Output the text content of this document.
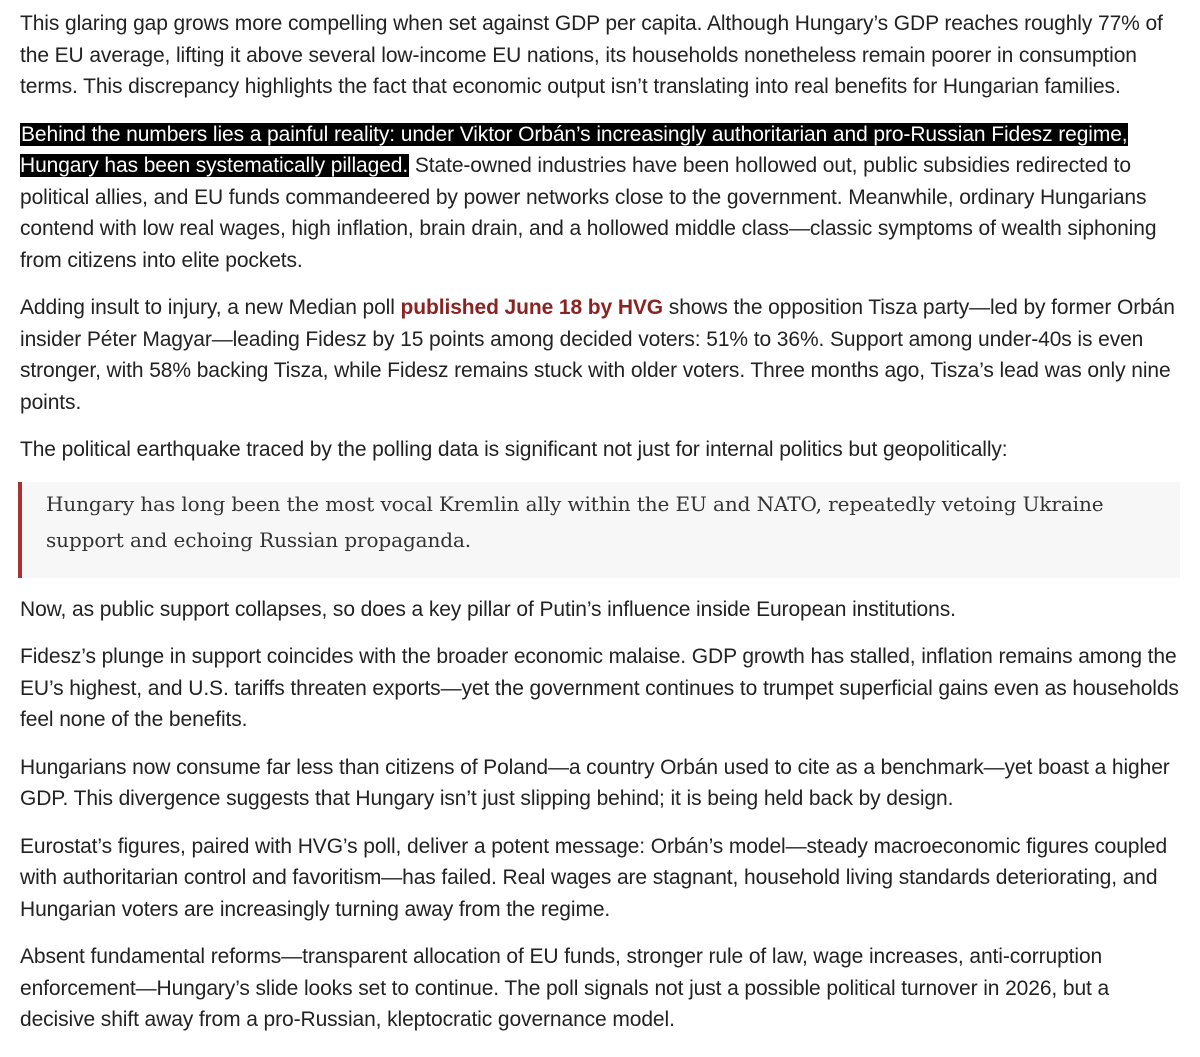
This glaring gap grows more compelling when set against GDP per capita. Although Hungary’s GDP reaches roughly 77% of the EU average, lifting it above several low-income EU nations, its households nonetheless remain poorer in consumption terms. This discrepancy highlights the fact that economic output isn’t translating into real benefits for Hungarian families.

Behind the numbers lies a painful reality: under Viktor Orbán’s increasingly authoritarian and pro-Russian Fidesz regime, Hungary has been systematically pillaged. State-owned industries have been hollowed out, public subsidies redirected to political allies, and EU funds commandeered by power networks close to the government. Meanwhile, ordinary Hungarians contend with low real wages, high inflation, brain drain, and a hollowed middle class—classic symptoms of wealth siphoning from citizens into elite pockets.

Adding insult to injury, a new Median poll published June 18 by HVG shows the opposition Tisza party—led by former Orbán insider Péter Magyar—leading Fidesz by 15 points among decided voters: 51% to 36%. Support among under-40s is even stronger, with 58% backing Tisza, while Fidesz remains stuck with older voters. Three months ago, Tisza’s lead was only nine points.

The political earthquake traced by the polling data is significant not just for internal politics but geopolitically:

Hungary has long been the most vocal Kremlin ally within the EU and NATO, repeatedly vetoing Ukraine support and echoing Russian propaganda.

Now, as public support collapses, so does a key pillar of Putin’s influence inside European institutions.

Fidesz’s plunge in support coincides with the broader economic malaise. GDP growth has stalled, inflation remains among the EU’s highest, and U.S. tariffs threaten exports—yet the government continues to trumpet superficial gains even as households feel none of the benefits.

Hungarians now consume far less than citizens of Poland—a country Orbán used to cite as a benchmark—yet boast a higher GDP. This divergence suggests that Hungary isn’t just slipping behind; it is being held back by design.

Eurostat’s figures, paired with HVG’s poll, deliver a potent message: Orbán’s model—steady macroeconomic figures coupled with authoritarian control and favoritism—has failed. Real wages are stagnant, household living standards deteriorating, and Hungarian voters are increasingly turning away from the regime.

Absent fundamental reforms—transparent allocation of EU funds, stronger rule of law, wage increases, anti-corruption enforcement—Hungary’s slide looks set to continue. The poll signals not just a possible political turnover in 2026, but a decisive shift away from a pro-Russian, kleptocratic governance model.
